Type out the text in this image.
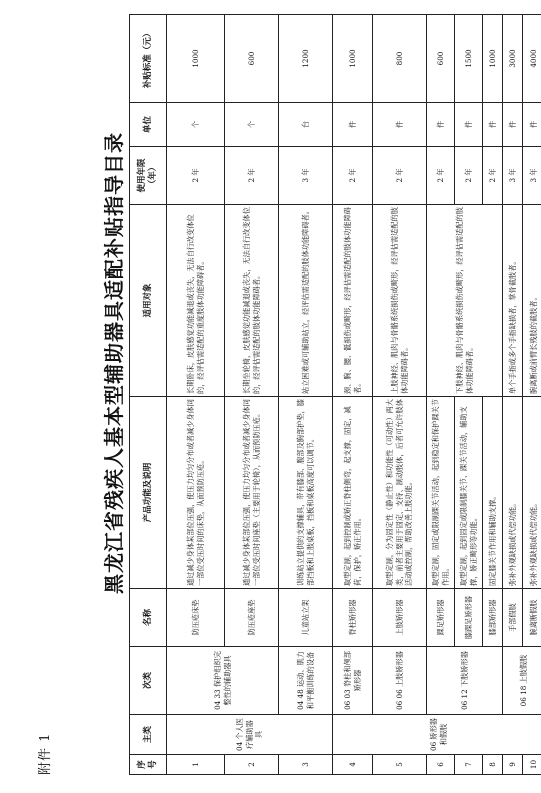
附件 1
黑龙江省残疾人基本型辅助器具适配补贴指导目录
序号	主类	次类	名称	产品功能及说明	适用对象	使用年限（年）	单位	补贴标准（元）
1	04 个人医疗辅助器具	04 33 保护组织完整性的辅助器具	防压疮床垫	通过减少身体某部位压强，使压力均匀分布或者减少身体同一部位受压时间的床垫，从而预防压疮。	长期卧床，皮肤感觉功能减退或丧失，无法自行改变体位的，经评估需适配的重度肢体功能障碍者。	2 年	个	1000
2			防压疮座垫	通过减少身体某部位压强，使压力均匀分布或者减少身体同一部位受压时间座垫（主要用于轮椅），从而预防压疮。	长期坐轮椅，皮肤感觉功能减退或丧失，无法自行改变体位的，经评估需适配的肢体功能障碍者。	2 年	个	600
3		04 48 运动、肌力和平衡训练的设备	儿童站立架	训练站立提供的支撑辅具，带有膝部、腹部及胸部护垫，膝部挡板和上肢桌板，挡板和桌板高度可以调节。	站立困难或可辅助站立，经评估需适配的肢体功能障碍者。	3 年	台	1200
4	06 矫形器和假肢	06 03 脊柱和颅部矫形器	脊柱矫形器	取型定制，起到控制或矫正脊柱侧弯，起支撑，固定，减荷，保护，矫正作用。	颈、胸、腰、骶损伤或畸形，经评估需适配的肢体功能障碍者。	2 年	件	1000
5		06 06 上肢矫形器	上肢矫形器	取型定制，分为固定性（静止性）和功能性（可动性）两大类，前者主要用于固定、支持、制动肢体，后者可允许肢体活动或控制，帮助改善上肢功能。	上肢神经、肌肉与骨骼系统损伤或畸形，经评估需适配的肢体功能障碍者。	2 年	件	800
6		06 12 下肢矫形器	踝足矫形器	取型定制，固定或限制踝关节活动，起到稳定和保护踝关节作用。	下肢神经、肌肉与骨骼系统损伤或畸形，经评估需适配的肢体功能障碍者。	2 年	件	600
7			膝踝足矫形器	取型定制，起到固定或限制膝关节、踝关节活动，辅助支撑，矫正畸形等功能。		2 年	件	1500
8			膝部矫形器	固定膝关节作用和辅助支撑。		2 年	件	1000
9		06 18 上肢假肢	手部假肢	弥补外观缺损或代偿功能。	单个手指或多个手指缺损者，掌骨截肢者。	3 年	件	3000
10			腕离断假肢	弥补外观缺损或代偿功能。	腕离断或前臂长残肢的截肢者。	3 年	件	4000
